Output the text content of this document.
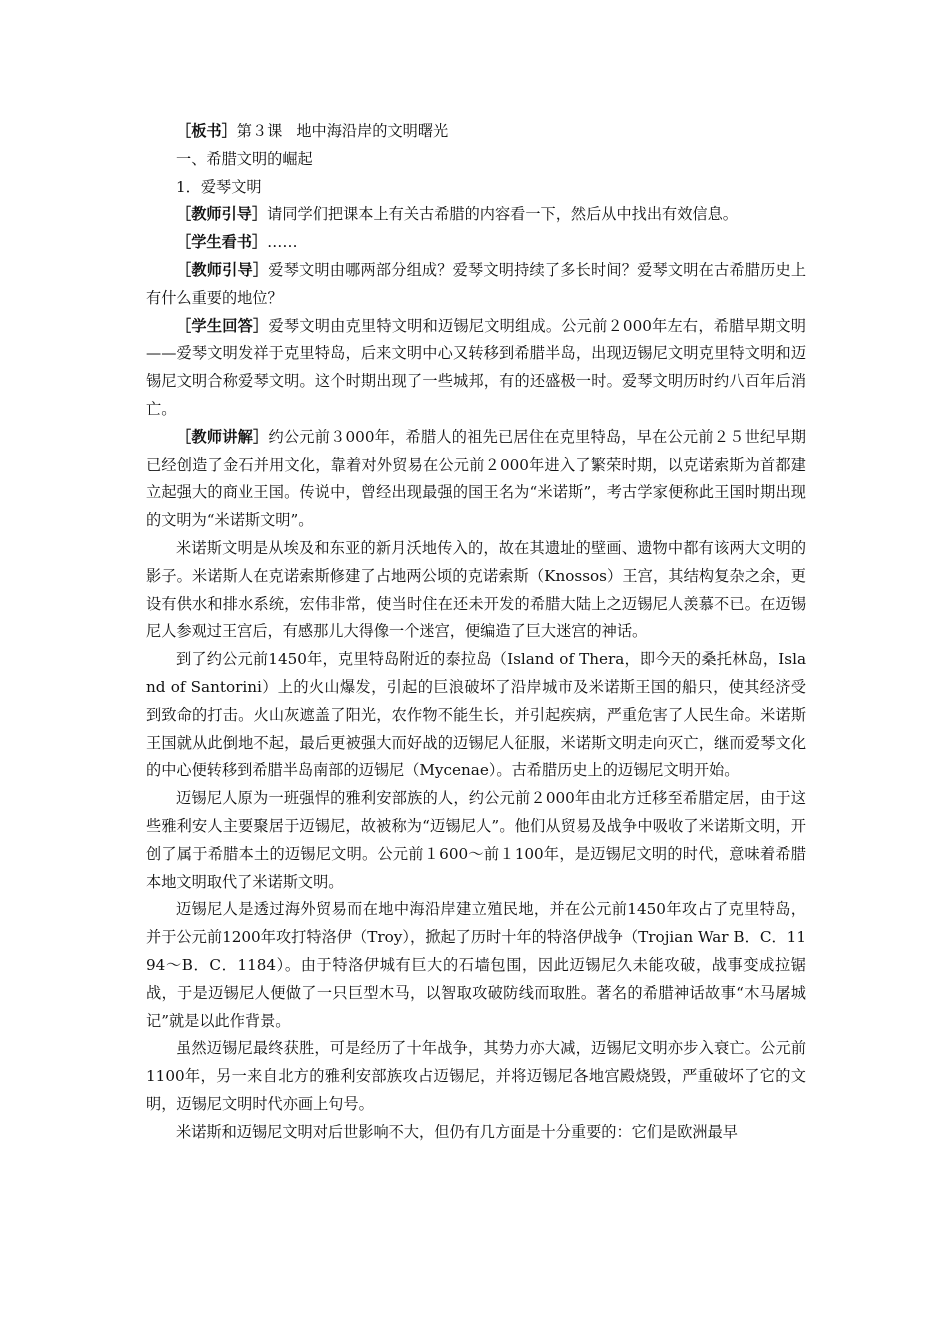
［板书］第３课 地中海沿岸的文明曙光

一、希腊文明的崛起

1．爱琴文明

［教师引导］请同学们把课本上有关古希腊的内容看一下，然后从中找出有效信息。

［学生看书］……

［教师引导］爱琴文明由哪两部分组成？爱琴文明持续了多长时间？爱琴文明在古希腊历史上有什么重要的地位？

［学生回答］爱琴文明由克里特文明和迈锡尼文明组成。公元前２000年左右，希腊早期文明——爱琴文明发祥于克里特岛，后来文明中心又转移到希腊半岛，出现迈锡尼文明克里特文明和迈锡尼文明合称爱琴文明。这个时期出现了一些城邦，有的还盛极一时。爱琴文明历时约八百年后消亡。

［教师讲解］约公元前３000年，希腊人的祖先已居住在克里特岛，早在公元前２５世纪早期已经创造了金石并用文化，靠着对外贸易在公元前２000年进入了繁荣时期，以克诺索斯为首都建立起强大的商业王国。传说中，曾经出现最强的国王名为“米诺斯”，考古学家便称此王国时期出现的文明为“米诺斯文明”。

米诺斯文明是从埃及和东亚的新月沃地传入的，故在其遗址的壁画、遗物中都有该两大文明的影子。米诺斯人在克诺索斯修建了占地两公顷的克诺索斯（Knossos）王宫，其结构复杂之余，更设有供水和排水系统，宏伟非常，使当时住在还未开发的希腊大陆上之迈锡尼人羡慕不已。在迈锡尼人参观过王宫后，有感那儿大得像一个迷宫，便编造了巨大迷宫的神话。

到了约公元前1450年，克里特岛附近的泰拉岛（Island of Thera，即今天的桑托林岛，Island of Santorini）上的火山爆发，引起的巨浪破坏了沿岸城市及米诺斯王国的船只，使其经济受到致命的打击。火山灰遮盖了阳光，农作物不能生长，并引起疾病，严重危害了人民生命。米诺斯王国就从此倒地不起，最后更被强大而好战的迈锡尼人征服，米诺斯文明走向灭亡，继而爱琴文化的中心便转移到希腊半岛南部的迈锡尼（Mycenae）。古希腊历史上的迈锡尼文明开始。

迈锡尼人原为一班强悍的雅利安部族的人，约公元前２000年由北方迁移至希腊定居，由于这些雅利安人主要聚居于迈锡尼，故被称为“迈锡尼人”。他们从贸易及战争中吸收了米诺斯文明，开创了属于希腊本土的迈锡尼文明。公元前１600～前１100年，是迈锡尼文明的时代，意味着希腊本地文明取代了米诺斯文明。

迈锡尼人是透过海外贸易而在地中海沿岸建立殖民地，并在公元前1450年攻占了克里特岛，并于公元前1200年攻打特洛伊（Troy），掀起了历时十年的特洛伊战争（Trojian War B．C．1194～B．C．1184）。由于特洛伊城有巨大的石墙包围，因此迈锡尼久未能攻破，战事变成拉锯战，于是迈锡尼人便做了一只巨型木马，以智取攻破防线而取胜。著名的希腊神话故事“木马屠城记”就是以此作背景。

虽然迈锡尼最终获胜，可是经历了十年战争，其势力亦大减，迈锡尼文明亦步入衰亡。公元前1100年，另一来自北方的雅利安部族攻占迈锡尼，并将迈锡尼各地宫殿烧毁，严重破坏了它的文明，迈锡尼文明时代亦画上句号。

米诺斯和迈锡尼文明对后世影响不大，但仍有几方面是十分重要的：它们是欧洲最早
